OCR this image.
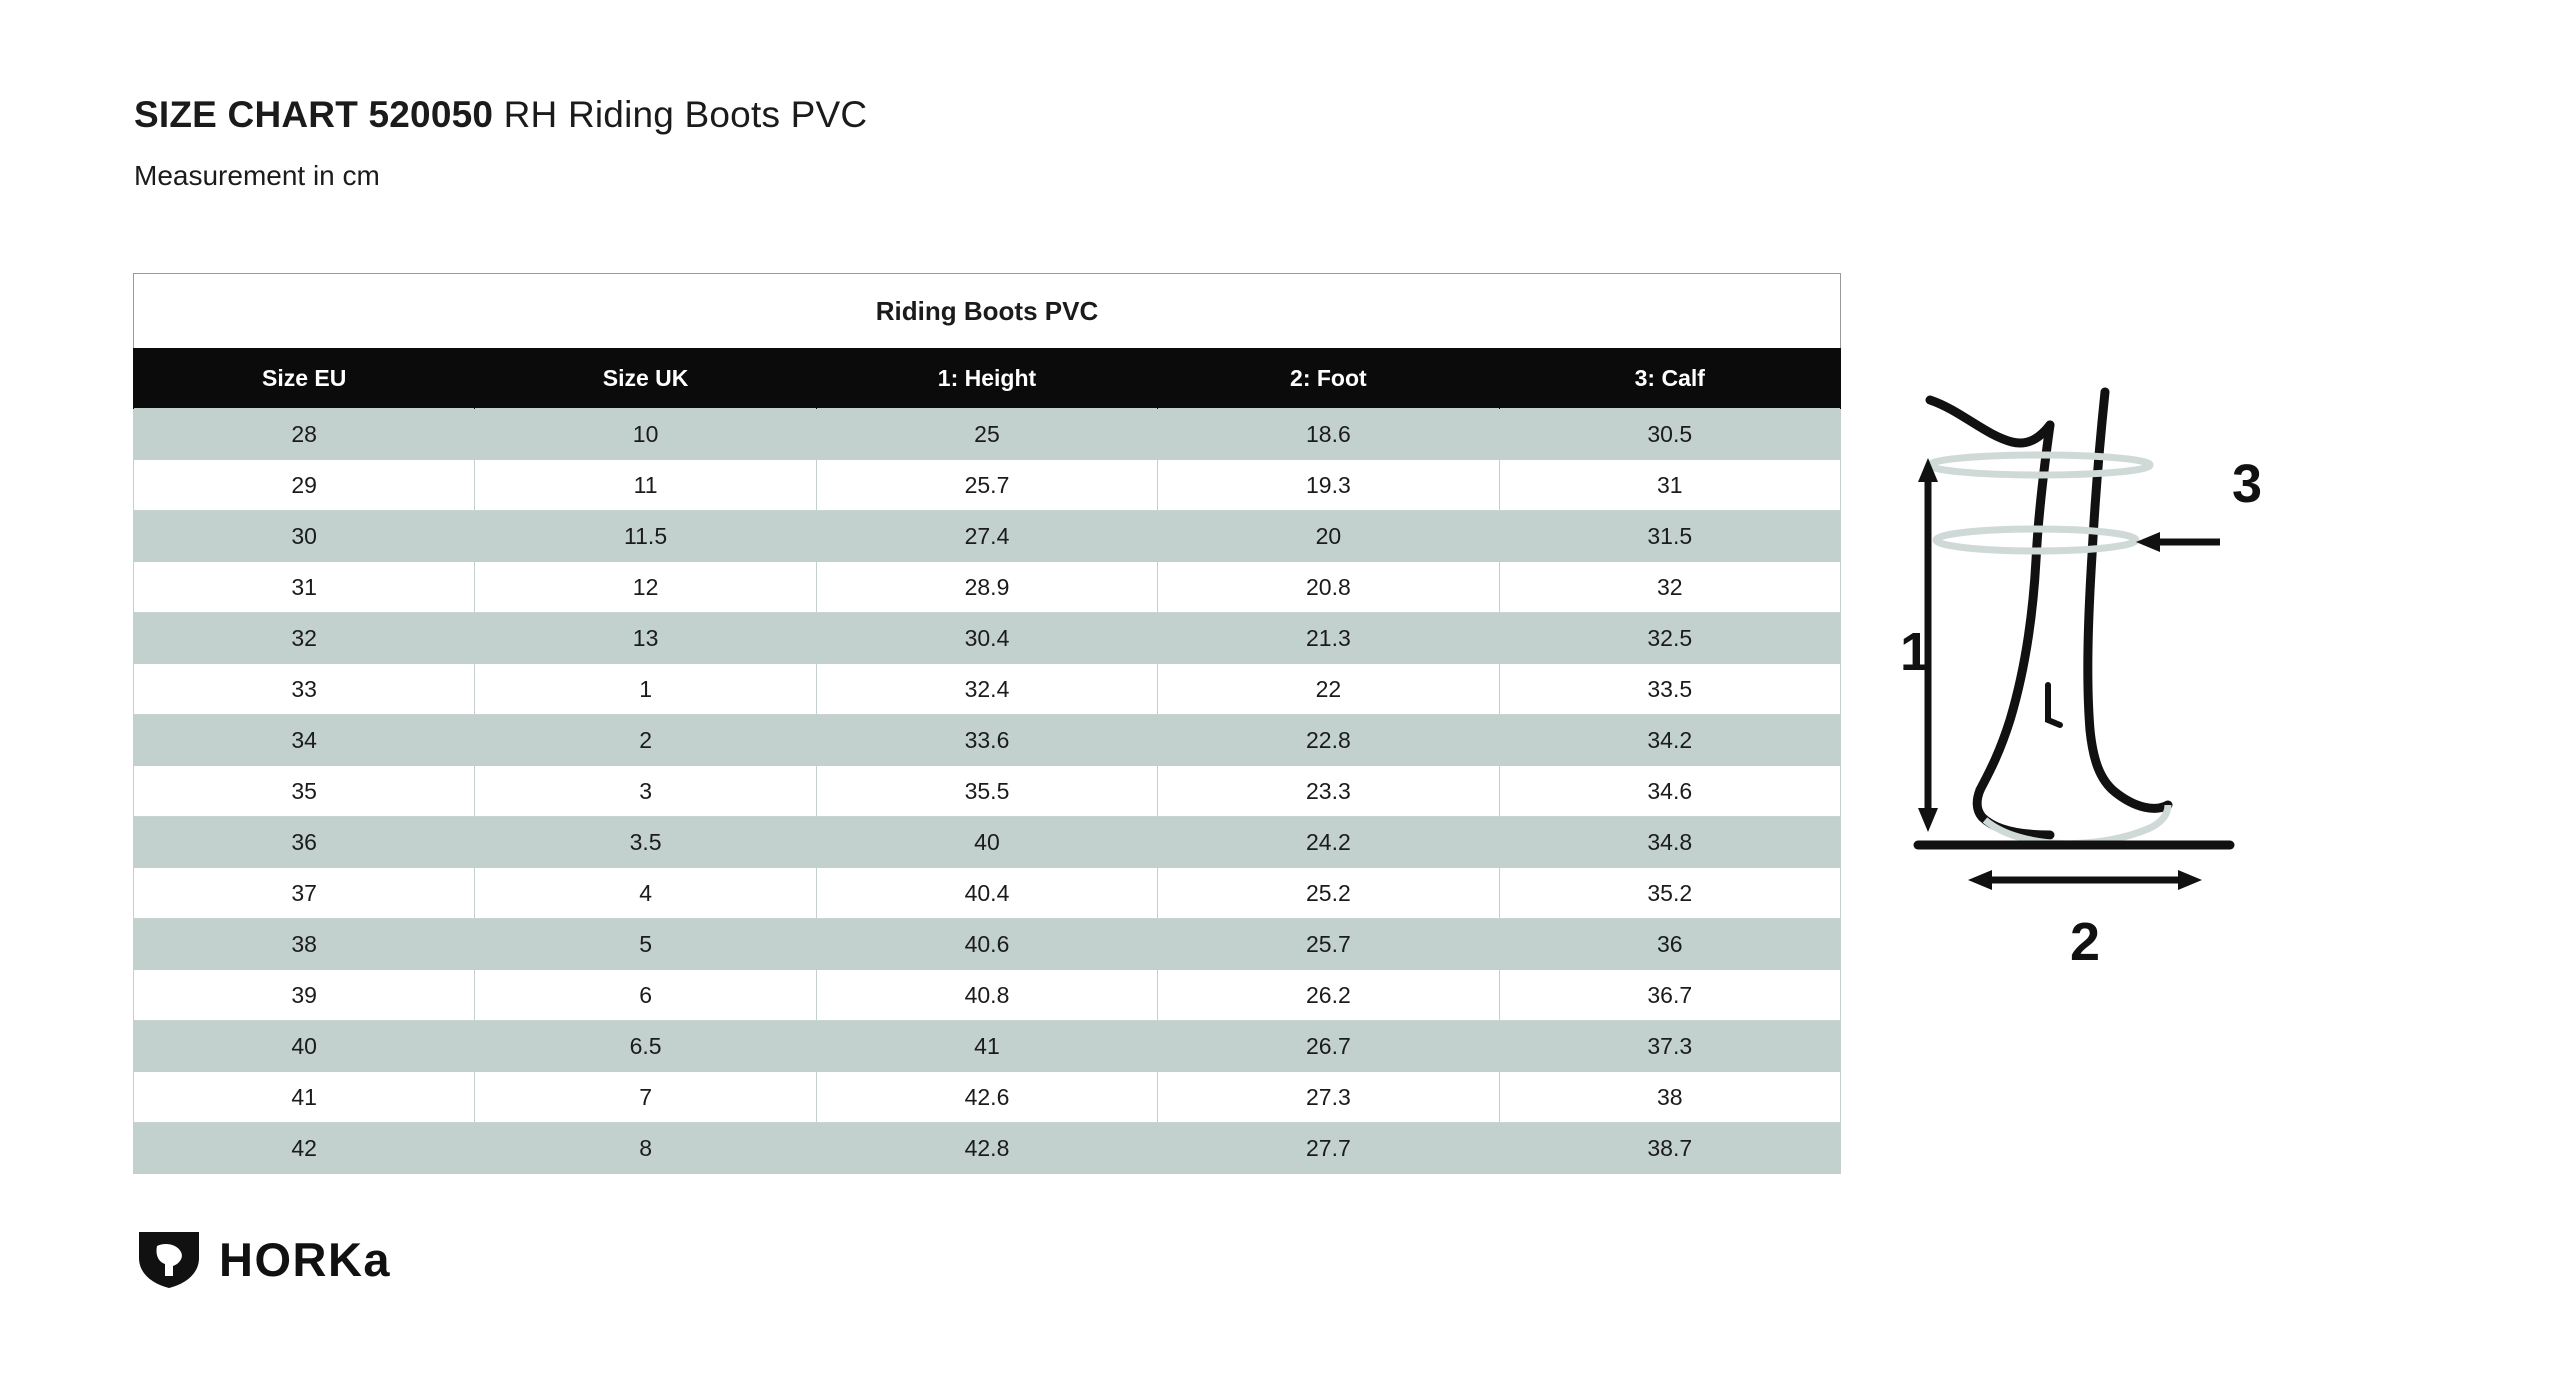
SIZE CHART 520050 RH Riding Boots PVC
Measurement in cm
Riding Boots PVC
Size EU	Size UK	1: Height	2: Foot	3: Calf
28	10	25	18.6	30.5
29	11	25.7	19.3	31
30	11.5	27.4	20	31.5
31	12	28.9	20.8	32
32	13	30.4	21.3	32.5
33	1	32.4	22	33.5
34	2	33.6	22.8	34.2
35	3	35.5	23.3	34.6
36	3.5	40	24.2	34.8
37	4	40.4	25.2	35.2
38	5	40.6	25.7	36
39	6	40.8	26.2	36.7
40	6.5	41	26.7	37.3
41	7	42.6	27.3	38
42	8	42.8	27.7	38.7
1
2
3
HORKa
